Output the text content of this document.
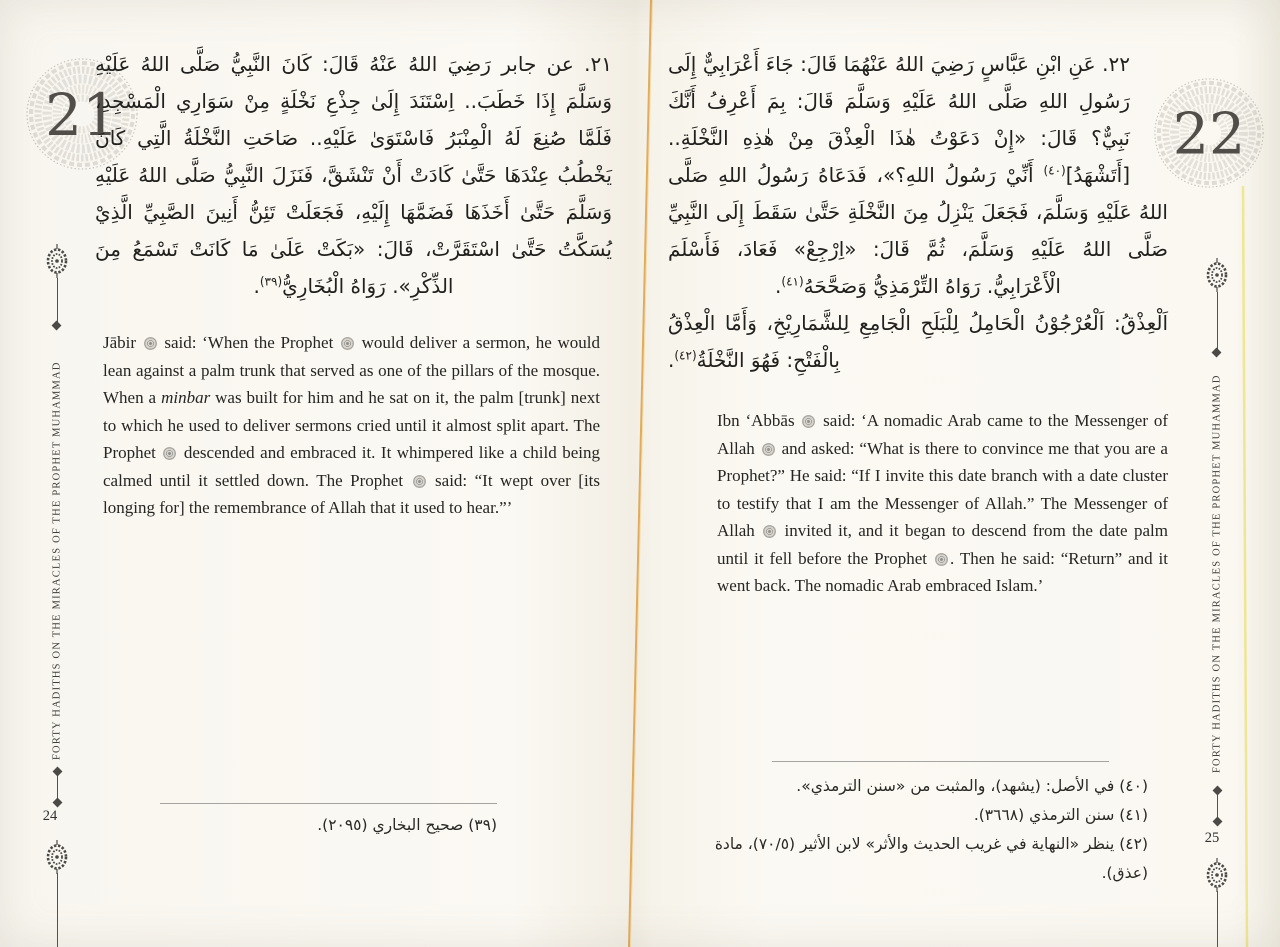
21

٢١. عن جابر رَضِيَ اللهُ عَنْهُ قَالَ: كَانَ النَّبِيُّ صَلَّى اللهُ عَلَيْهِ وَسَلَّمَ إِذَا خَطَبَ.. اِسْتَنَدَ إِلَىٰ جِذْعِ نَخْلَةٍ مِنْ سَوَارِي الْمَسْجِدِ، فَلَمَّا صُنِعَ لَهُ الْمِنْبَرُ فَاسْتَوَىٰ عَلَيْهِ.. صَاحَتِ النَّخْلَةُ الَّتِي كَانَ يَخْطُبُ عِنْدَهَا حَتَّىٰ كَادَتْ أَنْ تَنْشَقَّ، فَنَزَلَ النَّبِيُّ صَلَّى اللهُ عَلَيْهِ وَسَلَّمَ حَتَّىٰ أَخَذَهَا فَضَمَّهَا إِلَيْهِ، فَجَعَلَتْ تَئِنُّ أَنِينَ الصَّبِيِّ الَّذِيْ يُسَكَّتُ حَتَّىٰ اسْتَقَرَّتْ، قَالَ: «بَكَتْ عَلَىٰ مَا كَانَتْ تَسْمَعُ مِنَ الذِّكْرِ». رَوَاهُ الْبُخَارِيُّ$^{(٣٩)}$.

Jābir  said: ‘When the Prophet  would deliver a sermon, he would lean against a palm trunk that served as one of the pillars of the mosque. When a minbar was built for him and he sat on it, the palm [trunk] next to which he used to deliver sermons cried until it almost split apart. The Prophet  descended and embraced it. It whimpered like a child being calmed until it settled down. The Prophet  said: “It wept over [its longing for] the remembrance of Allah that it used to hear.”’

(٣٩) صحيح البخاري (٢٠٩٥).
FORTY HADITHS ON THE MIRACLES OF THE PROPHET MUHAMMAD
24
22

٢٢. عَنِ ابْنِ عَبَّاسٍ رَضِيَ اللهُ عَنْهُمَا قَالَ: جَاءَ أَعْرَابِيٌّ إِلَى رَسُولِ اللهِ صَلَّى اللهُ عَلَيْهِ وَسَلَّمَ قَالَ: بِمَ أَعْرِفُ أَنَّكَ نَبِيٌّ؟ قَالَ: «إِنْ دَعَوْتُ هٰذَا الْعِذْقَ مِنْ هٰذِهِ النَّخْلَةِ.. [أَتَشْهَدُ]$^{(٤٠)}$ أَنِّيْ رَسُولُ اللهِ؟»، فَدَعَاهُ رَسُولُ اللهِ صَلَّى اللهُ عَلَيْهِ وَسَلَّمَ، فَجَعَلَ يَنْزِلُ مِنَ النَّخْلَةِ حَتَّىٰ سَقَطَ إِلَى النَّبِيِّ صَلَّى اللهُ عَلَيْهِ وَسَلَّمَ، ثُمَّ قَالَ: «اِرْجِعْ» فَعَادَ، فَأَسْلَمَ الْأَعْرَابِيُّ. رَوَاهُ التِّرْمَذِيُّ وَصَحَّحَهُ$^{(٤١)}$.

اَلْعِذْقُ: اَلْعُرْجُوْنُ الْحَامِلُ لِلْبَلَحِ الْجَامِعِ لِلشَّمَارِيْخِ، وَأَمَّا الْعِذْقُ بِالْفَتْحِ: فَهُوَ النَّخْلَةُ$^{(٤٢)}$.

Ibn ‘Abbās  said: ‘A nomadic Arab came to the Messenger of Allah  and asked: “What is there to convince me that you are a Prophet?” He said: “If I invite this date branch with a date cluster to testify that I am the Messenger of Allah.” The Messenger of Allah  invited it, and it began to descend from the date palm until it fell before the Prophet . Then he said: “Return” and it went back. The nomadic Arab embraced Islam.’

(٤٠) في الأصل: (يشهد)، والمثبت من «سنن الترمذي».
(٤١) سنن الترمذي (٣٦٦٨).
(٤٢) ينظر «النهاية في غريب الحديث والأثر» لابن الأثير (٧٠/٥)، مادة (عذق).
FORTY HADITHS ON THE MIRACLES OF THE PROPHET MUHAMMAD
25
